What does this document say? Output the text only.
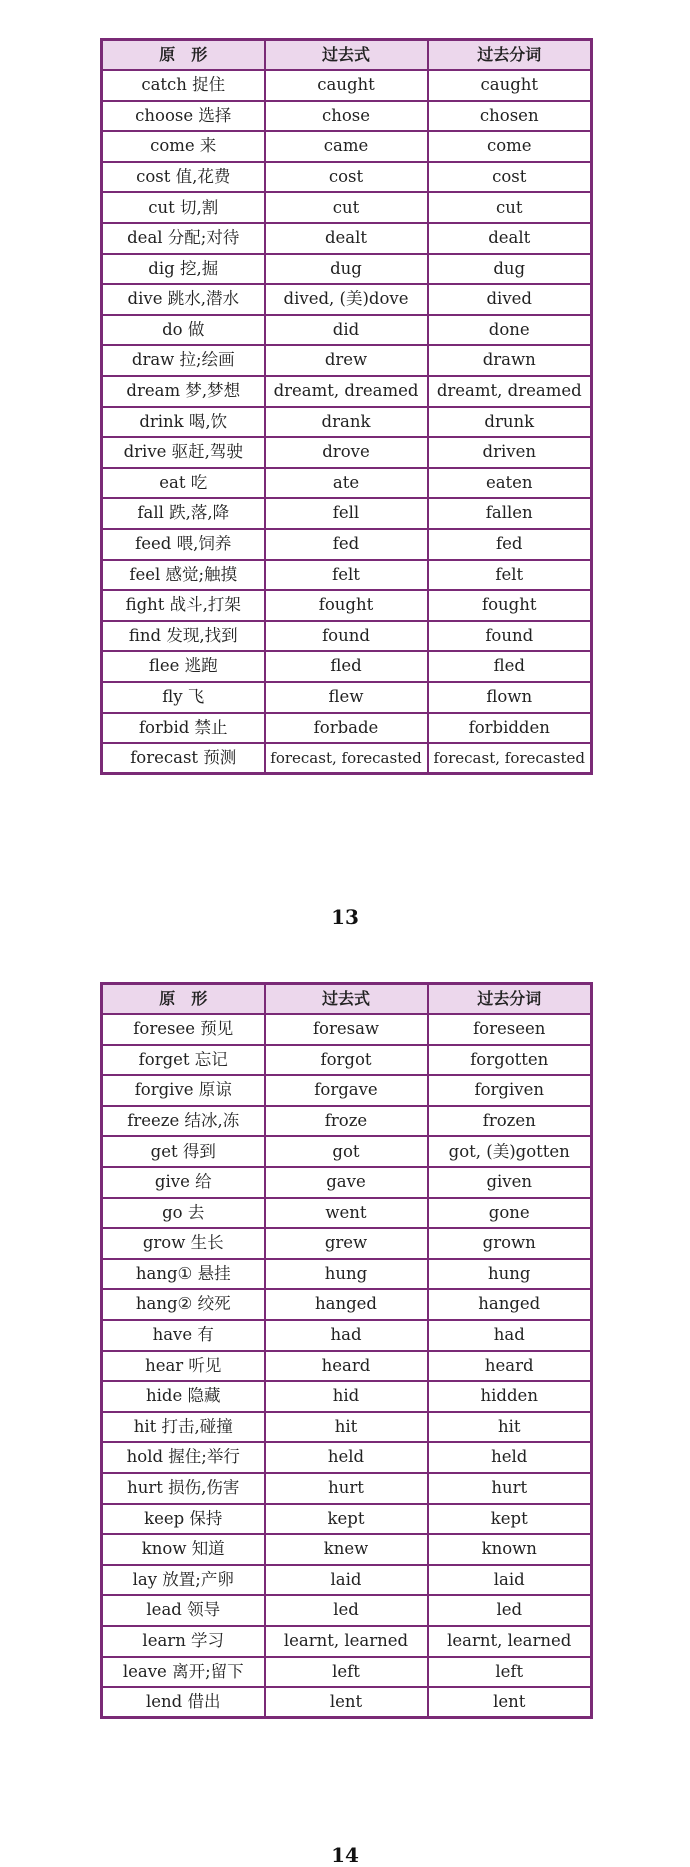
原　形	过去式	过去分词
catch 捉住	caught	caught
choose 选择	chose	chosen
come 来	came	come
cost 值,花费	cost	cost
cut 切,割	cut	cut
deal 分配;对待	dealt	dealt
dig 挖,掘	dug	dug
dive 跳水,潜水	dived, (美)dove	dived
do 做	did	done
draw 拉;绘画	drew	drawn
dream 梦,梦想	dreamt, dreamed	dreamt, dreamed
drink 喝,饮	drank	drunk
drive 驱赶,驾驶	drove	driven
eat 吃	ate	eaten
fall 跌,落,降	fell	fallen
feed 喂,饲养	fed	fed
feel 感觉;触摸	felt	felt
fight 战斗,打架	fought	fought
find 发现,找到	found	found
flee 逃跑	fled	fled
fly 飞	flew	flown
forbid 禁止	forbade	forbidden
forecast 预测	forecast, forecasted	forecast, forecasted
13
原　形	过去式	过去分词
foresee 预见	foresaw	foreseen
forget 忘记	forgot	forgotten
forgive 原谅	forgave	forgiven
freeze 结冰,冻	froze	frozen
get 得到	got	got, (美)gotten
give 给	gave	given
go 去	went	gone
grow 生长	grew	grown
hang① 悬挂	hung	hung
hang② 绞死	hanged	hanged
have 有	had	had
hear 听见	heard	heard
hide 隐藏	hid	hidden
hit 打击,碰撞	hit	hit
hold 握住;举行	held	held
hurt 损伤,伤害	hurt	hurt
keep 保持	kept	kept
know 知道	knew	known
lay 放置;产卵	laid	laid
lead 领导	led	led
learn 学习	learnt, learned	learnt, learned
leave 离开;留下	left	left
lend 借出	lent	lent
14
